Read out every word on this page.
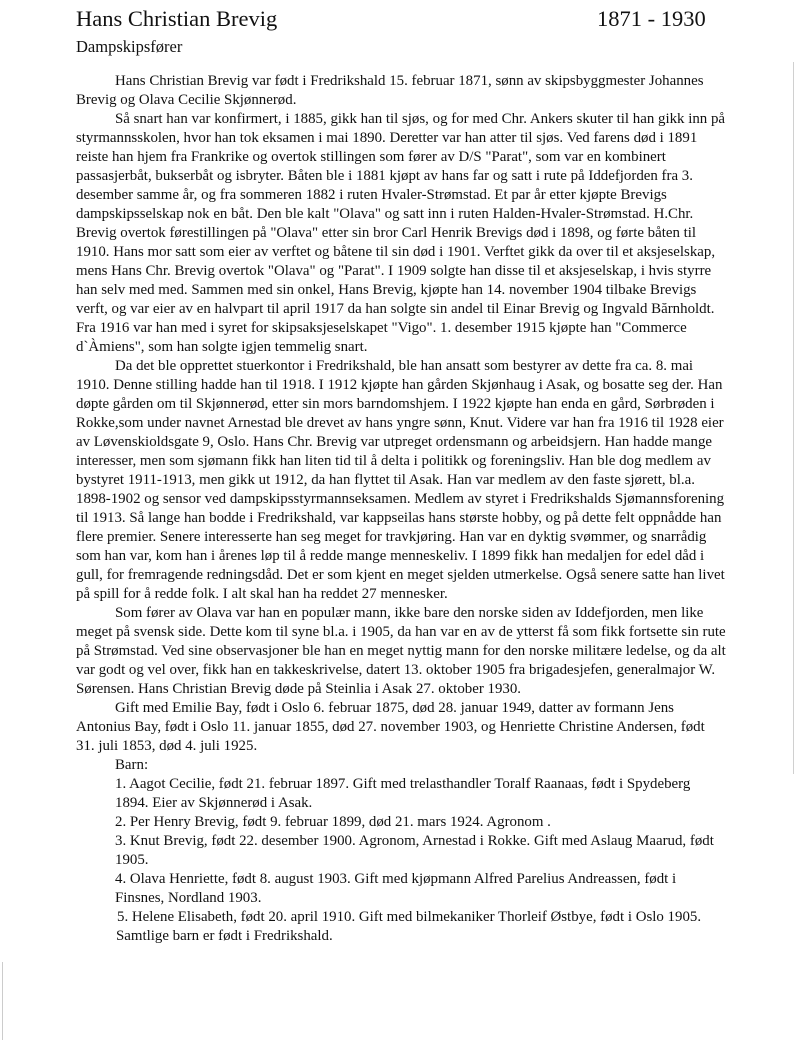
Hans Christian Brevig	1871 - 1930
Dampskipsfører

Hans Christian Brevig var født i Fredrikshald 15. februar 1871, sønn av skipsbyggmester Johannes Brevig og Olava Cecilie Skjønnerød.

Så snart han var konfirmert, i 1885, gikk han til sjøs, og for med Chr. Ankers skuter til han gikk inn på styrmannsskolen, hvor han tok eksamen i mai 1890. Deretter var han atter til sjøs. Ved farens død i 1891 reiste han hjem fra Frankrike og overtok stillingen som fører av D/S "Parat", som var en kombinert passasjerbåt, bukserbåt og isbryter. Båten ble i 1881 kjøpt av hans far og satt i rute på Iddefjorden fra 3. desember samme år, og fra sommeren 1882 i ruten Hvaler-Strømstad. Et par år etter kjøpte Brevigs dampskipsselskap nok en båt. Den ble kalt "Olava" og satt inn i ruten Halden-Hvaler-Strømstad. H.Chr. Brevig overtok førestillingen på "Olava" etter sin bror Carl Henrik Brevigs død i 1898, og førte båten til 1910. Hans mor satt som eier av verftet og båtene til sin død i 1901. Verftet gikk da over til et aksjeselskap, mens Hans Chr. Brevig overtok "Olava" og "Parat". I 1909 solgte han disse til et aksjeselskap, i hvis styrre han selv med med. Sammen med sin onkel, Hans Brevig, kjøpte han 14. november 1904 tilbake Brevigs verft, og var eier av en halvpart til april 1917 da han solgte sin andel til Einar Brevig og Ingvald Bărnholdt. Fra 1916 var han med i syret for skipsaksjeselskapet "Vigo". 1. desember 1915 kjøpte han "Commerce d`Àmiens", som han solgte igjen temmelig snart.

Da det ble opprettet stuerkontor i Fredrikshald, ble han ansatt som bestyrer av dette fra ca. 8. mai 1910. Denne stilling hadde han til 1918. I 1912 kjøpte han gården Skjønhaug i Asak, og bosatte seg der. Han døpte gården om til Skjønnerød, etter sin mors barndomshjem. I 1922 kjøpte han enda en gård, Sørbrøden i Rokke,som under navnet Arnestad ble drevet av hans yngre sønn, Knut. Videre var han fra 1916 til 1928 eier av Løvenskioldsgate 9, Oslo. Hans Chr. Brevig var utpreget ordensmann og arbeidsjern. Han hadde mange interesser, men som sjømann fikk han liten tid til å delta i politikk og foreningsliv. Han ble dog medlem av bystyret 1911-1913, men gikk ut 1912, da han flyttet til Asak. Han var medlem av den faste sjørett, bl.a. 1898-1902 og sensor ved dampskipsstyrmannseksamen. Medlem av styret i Fredrikshalds Sjømannsforening til 1913. Så lange han bodde i Fredrikshald, var kappseilas hans største hobby, og på dette felt oppnådde han flere premier. Senere interesserte han seg meget for travkjøring. Han var en dyktig svømmer, og snarrådig som han var, kom han i årenes løp til å redde mange menneskeliv. I 1899 fikk han medaljen for edel dåd i gull, for fremragende redningsdåd. Det er som kjent en meget sjelden utmerkelse. Også senere satte han livet på spill for å redde folk. I alt skal han ha reddet 27 mennesker.

Som fører av Olava var han en populær mann, ikke bare den norske siden av Iddefjorden, men like meget på svensk side. Dette kom til syne bl.a. i 1905, da han var en av de ytterst få som fikk fortsette sin rute på Strømstad. Ved sine observasjoner ble han en meget nyttig mann for den norske militære ledelse, og da alt var godt og vel over, fikk han en takkeskrivelse, datert 13. oktober 1905 fra brigadesjefen, generalmajor W. Sørensen. Hans Christian Brevig døde på Steinlia i Asak 27. oktober 1930.

Gift med Emilie Bay, født i Oslo 6. februar 1875, død 28. januar 1949, datter av formann Jens Antonius Bay, født i Oslo 11. januar 1855, død 27. november 1903, og Henriette Christine Andersen, født 31. juli 1853, død 4. juli 1925.

Barn:
1. Aagot Cecilie, født 21. februar 1897. Gift med trelasthandler Toralf Raanaas, født i Spydeberg 1894. Eier av Skjønnerød i Asak.
2. Per Henry Brevig, født 9. februar 1899, død 21. mars 1924. Agronom .
3. Knut Brevig, født 22. desember 1900. Agronom, Arnestad i Rokke. Gift med Aslaug Maarud, født 1905.
4. Olava Henriette, født 8. august 1903. Gift med kjøpmann Alfred Parelius Andreassen, født i Finsnes, Nordland 1903.
5. Helene Elisabeth, født 20. april 1910. Gift med bilmekaniker Thorleif Østbye, født i Oslo 1905.
Samtlige barn er født i Fredrikshald.
